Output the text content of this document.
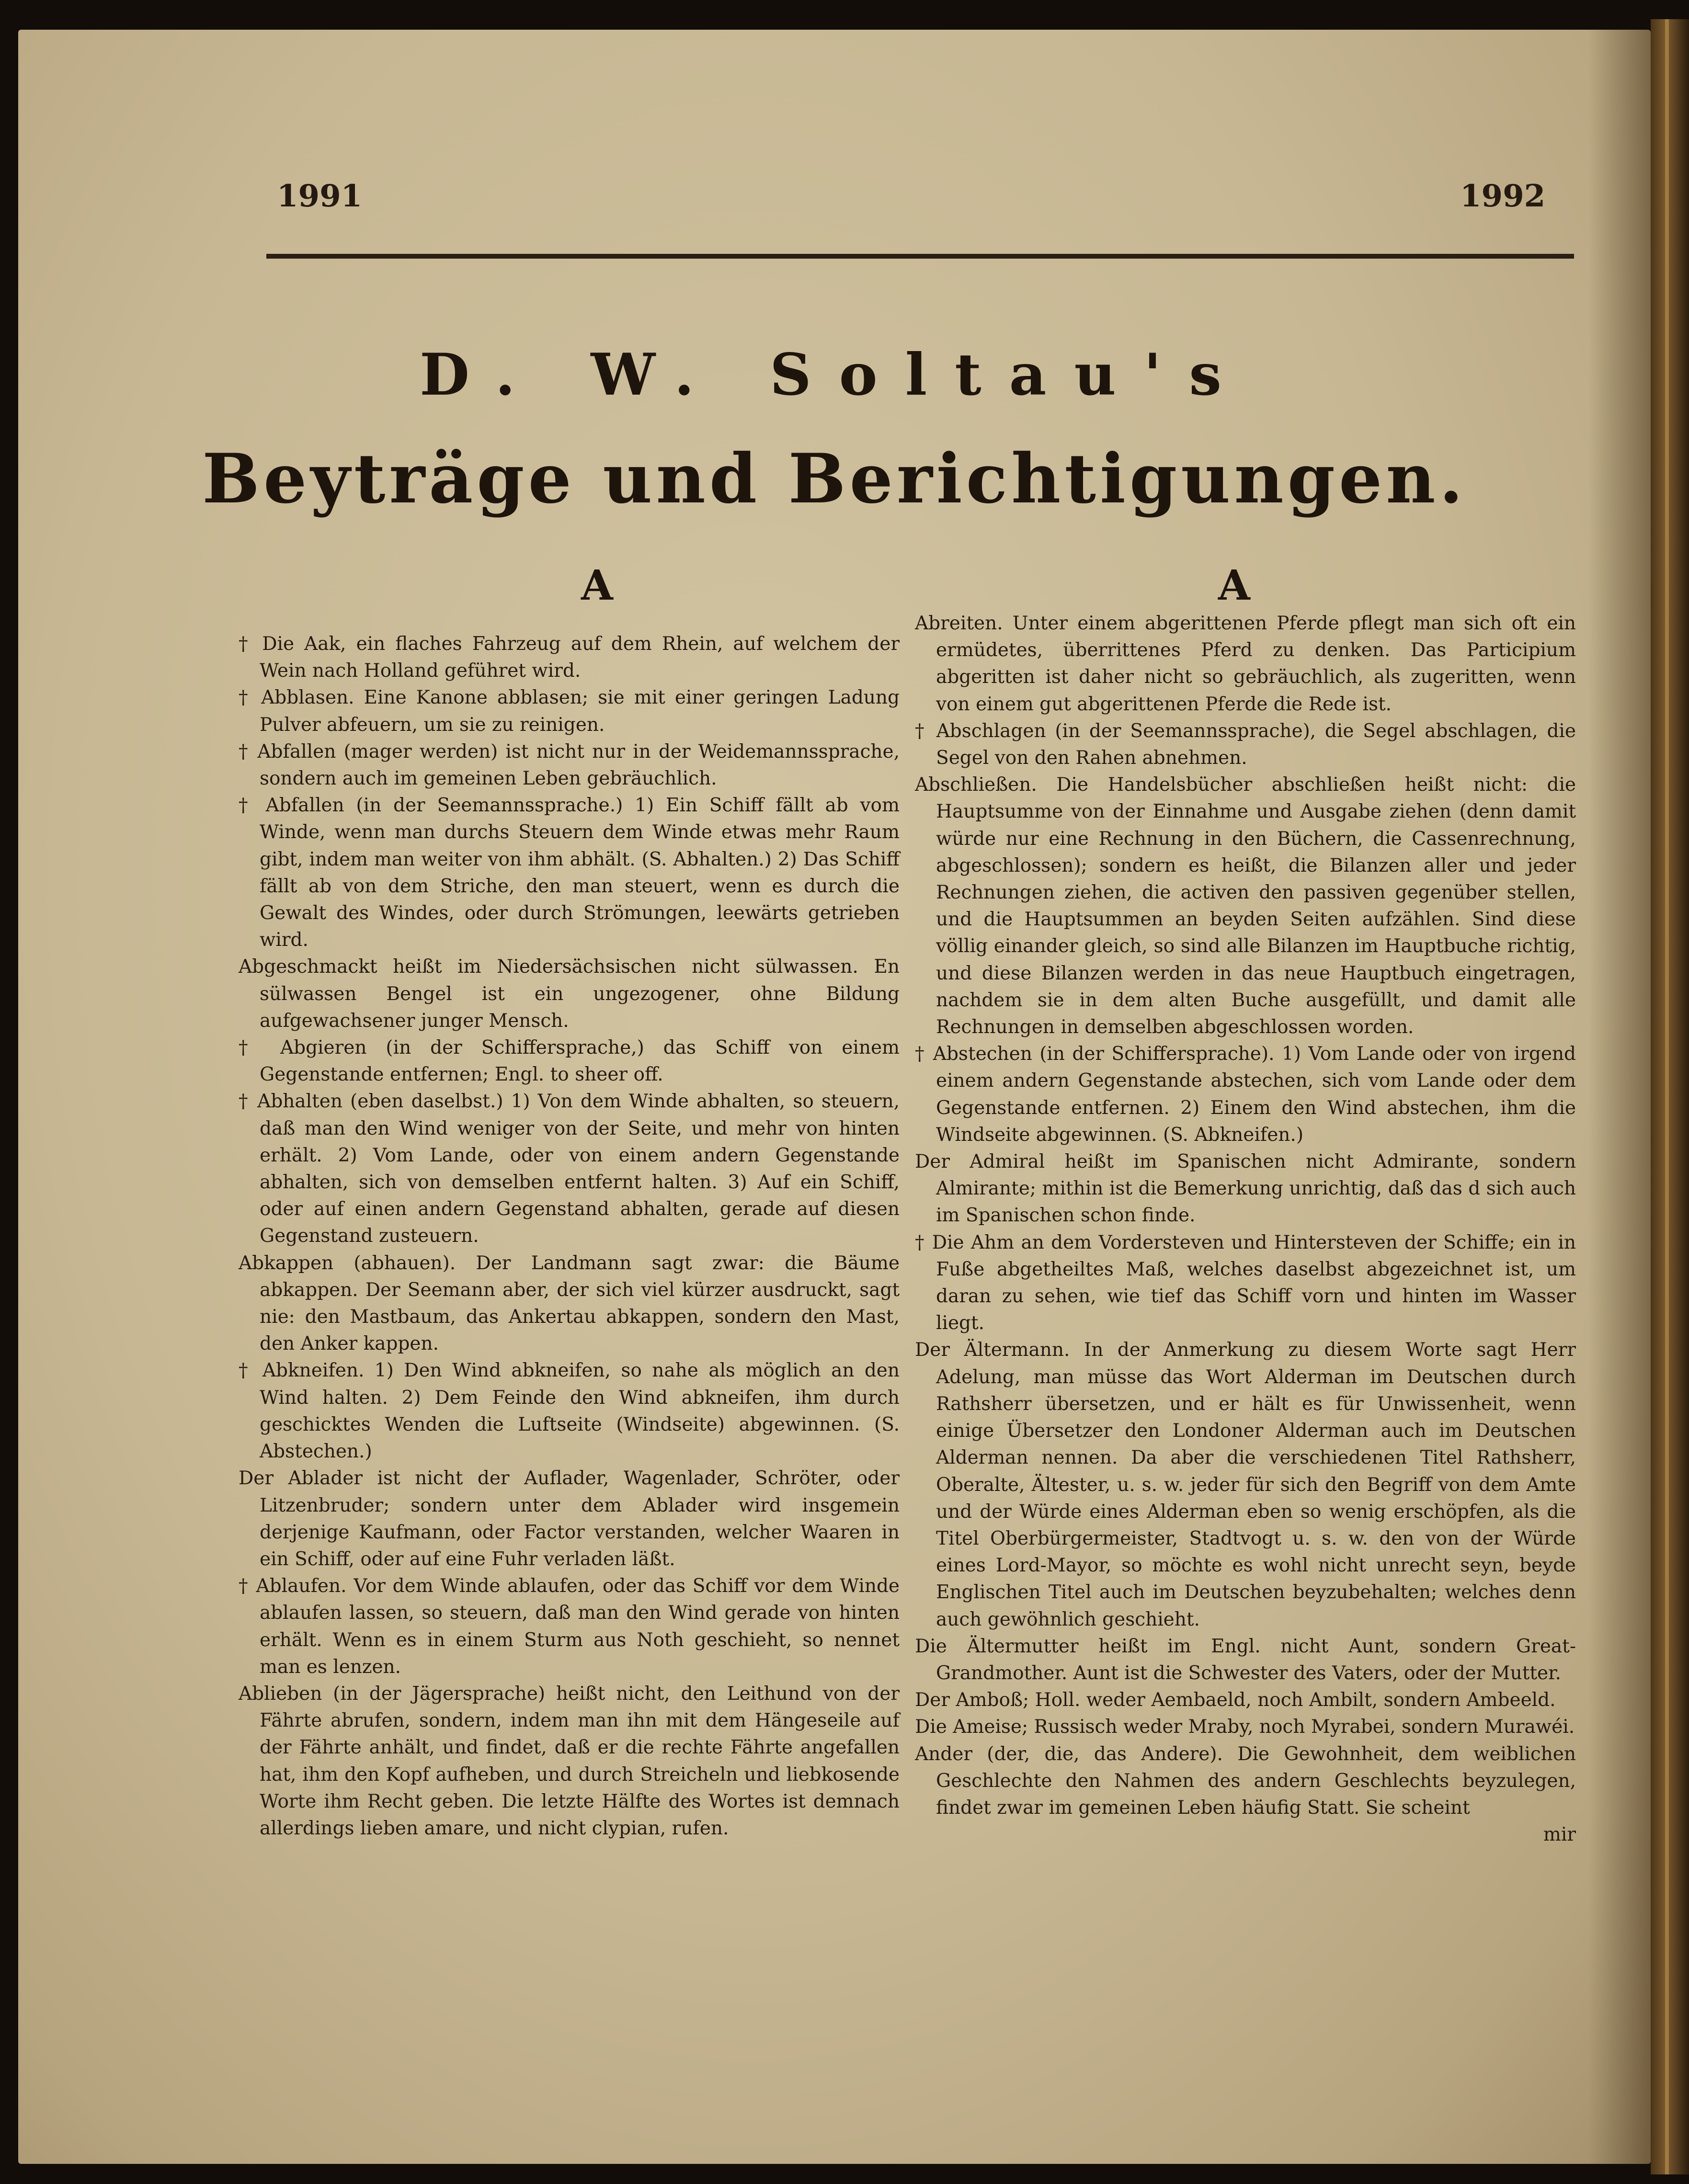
1991	1992
D. W. Soltau's
Beyträge und Berichtigungen.
A	A

† Die Aak, ein flaches Fahrzeug auf dem Rhein, auf welchem der Wein nach Holland geführet wird.

† Abblasen. Eine Kanone abblasen; sie mit einer geringen Ladung Pulver abfeuern, um sie zu reinigen.

† Abfallen (mager werden) ist nicht nur in der Weidemannssprache, sondern auch im gemeinen Leben gebräuchlich.

† Abfallen (in der Seemannssprache.) 1) Ein Schiff fällt ab vom Winde, wenn man durchs Steuern dem Winde etwas mehr Raum gibt, indem man weiter von ihm abhält. (S. Abhalten.) 2) Das Schiff fällt ab von dem Striche, den man steuert, wenn es durch die Gewalt des Windes, oder durch Strömungen, leewärts getrieben wird.

Abgeschmackt heißt im Niedersächsischen nicht sülwassen. En sülwassen Bengel ist ein ungezogener, ohne Bildung aufgewachsener junger Mensch.

† Abgieren (in der Schiffersprache,) das Schiff von einem Gegenstande entfernen; Engl. to sheer off.

† Abhalten (eben daselbst.) 1) Von dem Winde abhalten, so steuern, daß man den Wind weniger von der Seite, und mehr von hinten erhält. 2) Vom Lande, oder von einem andern Gegenstande abhalten, sich von demselben entfernt halten. 3) Auf ein Schiff, oder auf einen andern Gegenstand abhalten, gerade auf diesen Gegenstand zusteuern.

Abkappen (abhauen). Der Landmann sagt zwar: die Bäume abkappen. Der Seemann aber, der sich viel kürzer ausdruckt, sagt nie: den Mastbaum, das Ankertau abkappen, sondern den Mast, den Anker kappen.

† Abkneifen. 1) Den Wind abkneifen, so nahe als möglich an den Wind halten. 2) Dem Feinde den Wind abkneifen, ihm durch geschicktes Wenden die Luftseite (Windseite) abgewinnen. (S. Abstechen.)

Der Ablader ist nicht der Auflader, Wagenlader, Schröter, oder Litzenbruder; sondern unter dem Ablader wird insgemein derjenige Kaufmann, oder Factor verstanden, welcher Waaren in ein Schiff, oder auf eine Fuhr verladen läßt.

† Ablaufen. Vor dem Winde ablaufen, oder das Schiff vor dem Winde ablaufen lassen, so steuern, daß man den Wind gerade von hinten erhält. Wenn es in einem Sturm aus Noth geschieht, so nennet man es lenzen.

Ablieben (in der Jägersprache) heißt nicht, den Leithund von der Fährte abrufen, sondern, indem man ihn mit dem Hängeseile auf der Fährte anhält, und findet, daß er die rechte Fährte angefallen hat, ihm den Kopf aufheben, und durch Streicheln und liebkosende Worte ihm Recht geben. Die letzte Hälfte des Wortes ist demnach allerdings lieben amare, und nicht clypian, rufen.

Abreiten. Unter einem abgerittenen Pferde pflegt man sich oft ein ermüdetes, überrittenes Pferd zu denken. Das Participium abgeritten ist daher nicht so gebräuchlich, als zugeritten, wenn von einem gut abgerittenen Pferde die Rede ist.

† Abschlagen (in der Seemannssprache), die Segel abschlagen, die Segel von den Rahen abnehmen.

Abschließen. Die Handelsbücher abschließen heißt nicht: die Hauptsumme von der Einnahme und Ausgabe ziehen (denn damit würde nur eine Rechnung in den Büchern, die Cassenrechnung, abgeschlossen); sondern es heißt, die Bilanzen aller und jeder Rechnungen ziehen, die activen den passiven gegenüber stellen, und die Hauptsummen an beyden Seiten aufzählen. Sind diese völlig einander gleich, so sind alle Bilanzen im Hauptbuche richtig, und diese Bilanzen werden in das neue Hauptbuch eingetragen, nachdem sie in dem alten Buche ausgefüllt, und damit alle Rechnungen in demselben abgeschlossen worden.

† Abstechen (in der Schiffersprache). 1) Vom Lande oder von irgend einem andern Gegenstande abstechen, sich vom Lande oder dem Gegenstande entfernen. 2) Einem den Wind abstechen, ihm die Windseite abgewinnen. (S. Abkneifen.)

Der Admiral heißt im Spanischen nicht Admirante, sondern Almirante; mithin ist die Bemerkung unrichtig, daß das d sich auch im Spanischen schon finde.

† Die Ahm an dem Vordersteven und Hintersteven der Schiffe; ein in Fuße abgetheiltes Maß, welches daselbst abgezeichnet ist, um daran zu sehen, wie tief das Schiff vorn und hinten im Wasser liegt.

Der Ältermann. In der Anmerkung zu diesem Worte sagt Herr Adelung, man müsse das Wort Alderman im Deutschen durch Rathsherr übersetzen, und er hält es für Unwissenheit, wenn einige Übersetzer den Londoner Alderman auch im Deutschen Alderman nennen. Da aber die verschiedenen Titel Rathsherr, Oberalte, Ältester, u. s. w. jeder für sich den Begriff von dem Amte und der Würde eines Alderman eben so wenig erschöpfen, als die Titel Oberbürgermeister, Stadtvogt u. s. w. den von der Würde eines Lord-Mayor, so möchte es wohl nicht unrecht seyn, beyde Englischen Titel auch im Deutschen beyzubehalten; welches denn auch gewöhnlich geschieht.

Die Ältermutter heißt im Engl. nicht Aunt, sondern Great-Grandmother. Aunt ist die Schwester des Vaters, oder der Mutter.

Der Amboß; Holl. weder Aembaeld, noch Ambilt, sondern Ambeeld.

Die Ameise; Russisch weder Mraby, noch Myrabei, sondern Murawéi.

Ander (der, die, das Andere). Die Gewohnheit, dem weiblichen Geschlechte den Nahmen des andern Geschlechts beyzulegen, findet zwar im gemeinen Leben häufig Statt. Sie scheint

mir
